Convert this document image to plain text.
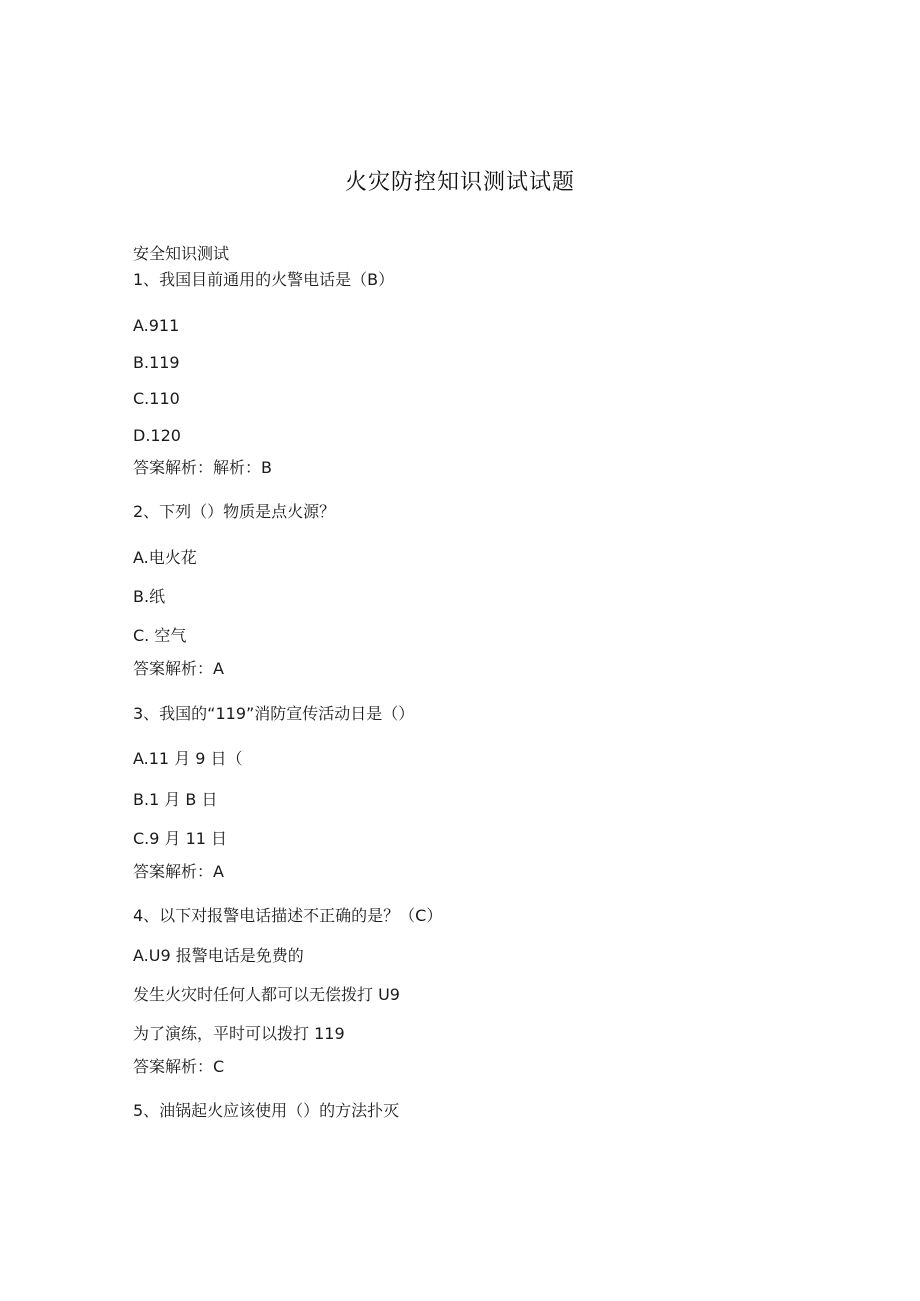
火灾防控知识测试试题
安全知识测试
1、我国目前通用的火警电话是（B）
A.911
B.119
C.110
D.120
答案解析：解析：B
2、下列（）物质是点火源？
A.电火花
B.纸
C. 空气
答案解析：A
3、我国的“119”消防宣传活动日是（）
A.11 月 9 日（
B.1 月 B 日
C.9 月 11 日
答案解析：A
4、以下对报警电话描述不正确的是？（C）
A.U9 报警电话是免费的
发生火灾时任何人都可以无偿拨打 U9
为了演练，平时可以拨打 119
答案解析：C
5、油锅起火应该使用（）的方法扑灭
